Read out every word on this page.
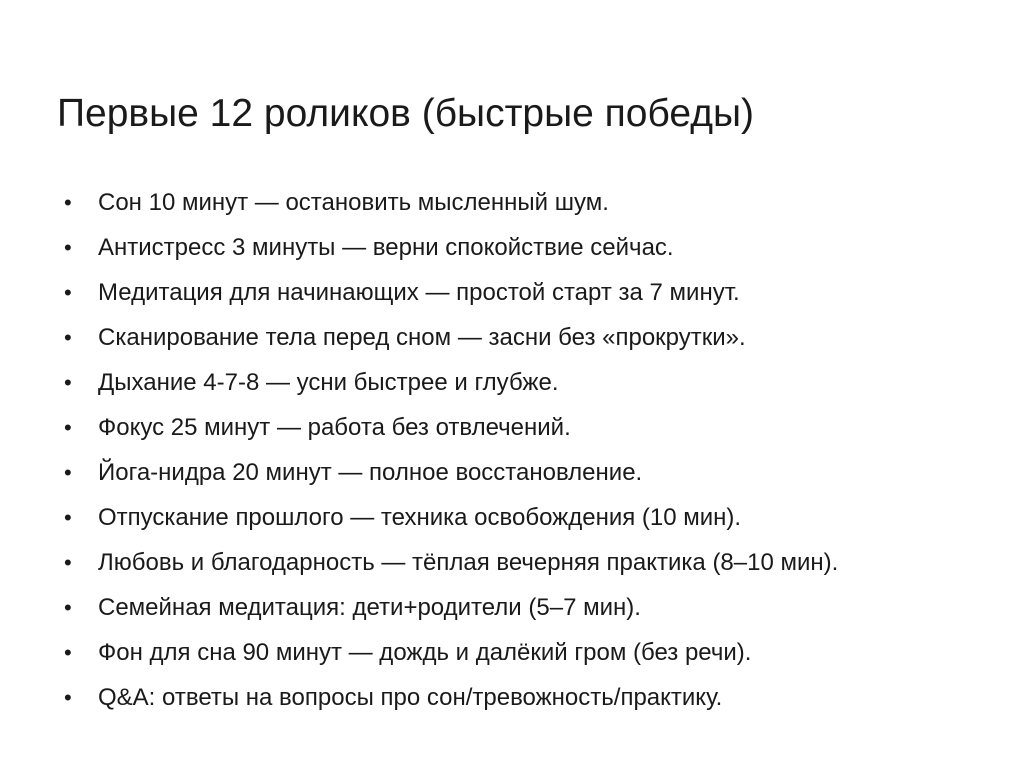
Первые 12 роликов (быстрые победы)
• Сон 10 минут — остановить мысленный шум.
• Антистресс 3 минуты — верни спокойствие сейчас.
• Медитация для начинающих — простой старт за 7 минут.
• Сканирование тела перед сном — засни без «прокрутки».
• Дыхание 4-7-8 — усни быстрее и глубже.
• Фокус 25 минут — работа без отвлечений.
• Йога-нидра 20 минут — полное восстановление.
• Отпускание прошлого — техника освобождения (10 мин).
• Любовь и благодарность — тёплая вечерняя практика (8–10 мин).
• Семейная медитация: дети+родители (5–7 мин).
• Фон для сна 90 минут — дождь и далёкий гром (без речи).
• Q&A: ответы на вопросы про сон/тревожность/практику.
